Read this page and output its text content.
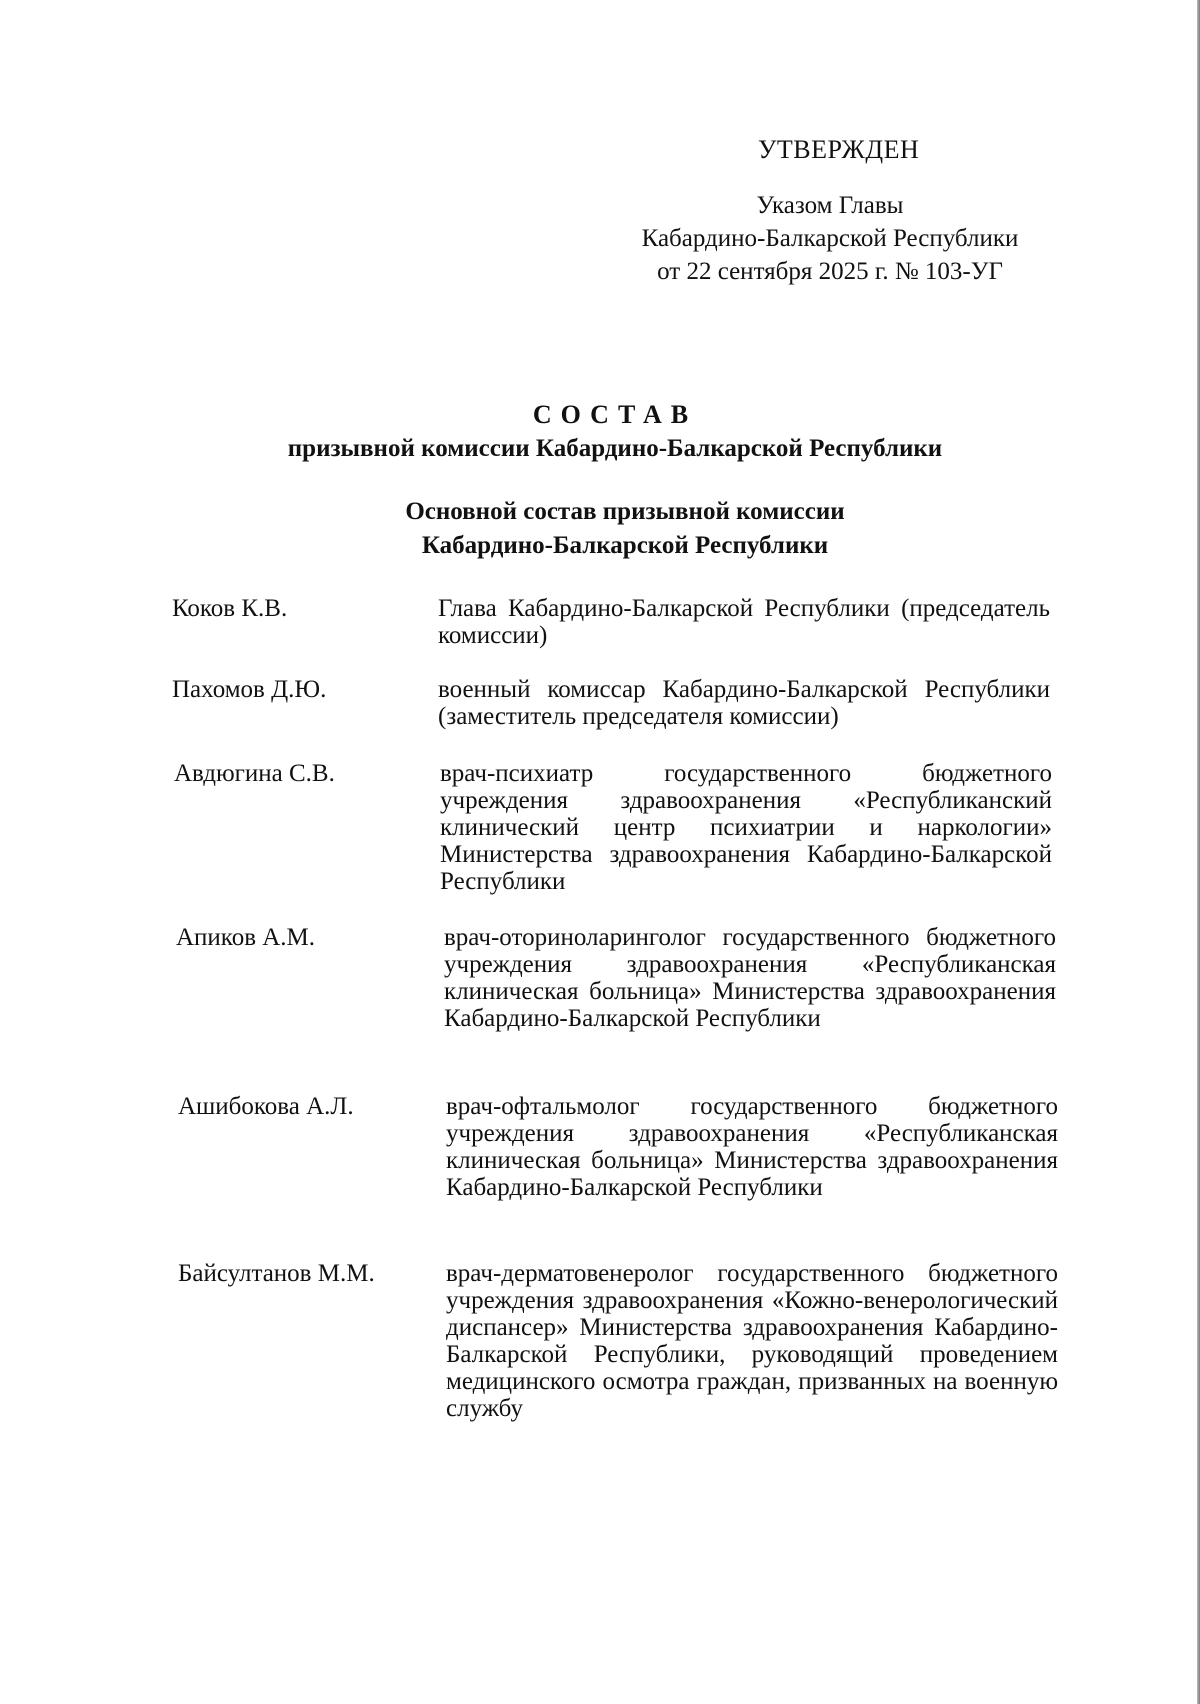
УТВЕРЖДЕН
Указом Главы
Кабардино-Балкарской Республики
от 22 сентября 2025 г. № 103-УГ
СОСТАВ
призывной комиссии Кабардино-Балкарской Республики
Основной состав призывной комиссии
Кабардино-Балкарской Республики
Коков К.В.	Глава Кабардино-Балкарской Республики (председатель комиссии)
Пахомов Д.Ю.	военный комиссар Кабардино-Балкарской Республики (заместитель председателя комиссии)
Авдюгина С.В.	врач-психиатр государственного бюджетного учреждения здравоохранения «Республиканский клинический центр психиатрии и наркологии» Министерства здравоохранения Кабардино-Балкарской Республики
Апиков А.М.	врач-оториноларинголог государственного бюджетного учреждения здравоохранения «Республиканская клиническая больница» Министерства здравоохранения Кабардино-Балкарской Республики
Ашибокова А.Л.	врач-офтальмолог государственного бюджетного учреждения здравоохранения «Республиканская клиническая больница» Министерства здравоохранения Кабардино-Балкарской Республики
Байсултанов М.М.	врач-дерматовенеролог государственного бюджетного учреждения здравоохранения «Кожно-венерологический диспансер» Министерства здравоохранения Кабардино-Балкарской Республики, руководящий проведением медицинского осмотра граждан, призванных на военную службу
